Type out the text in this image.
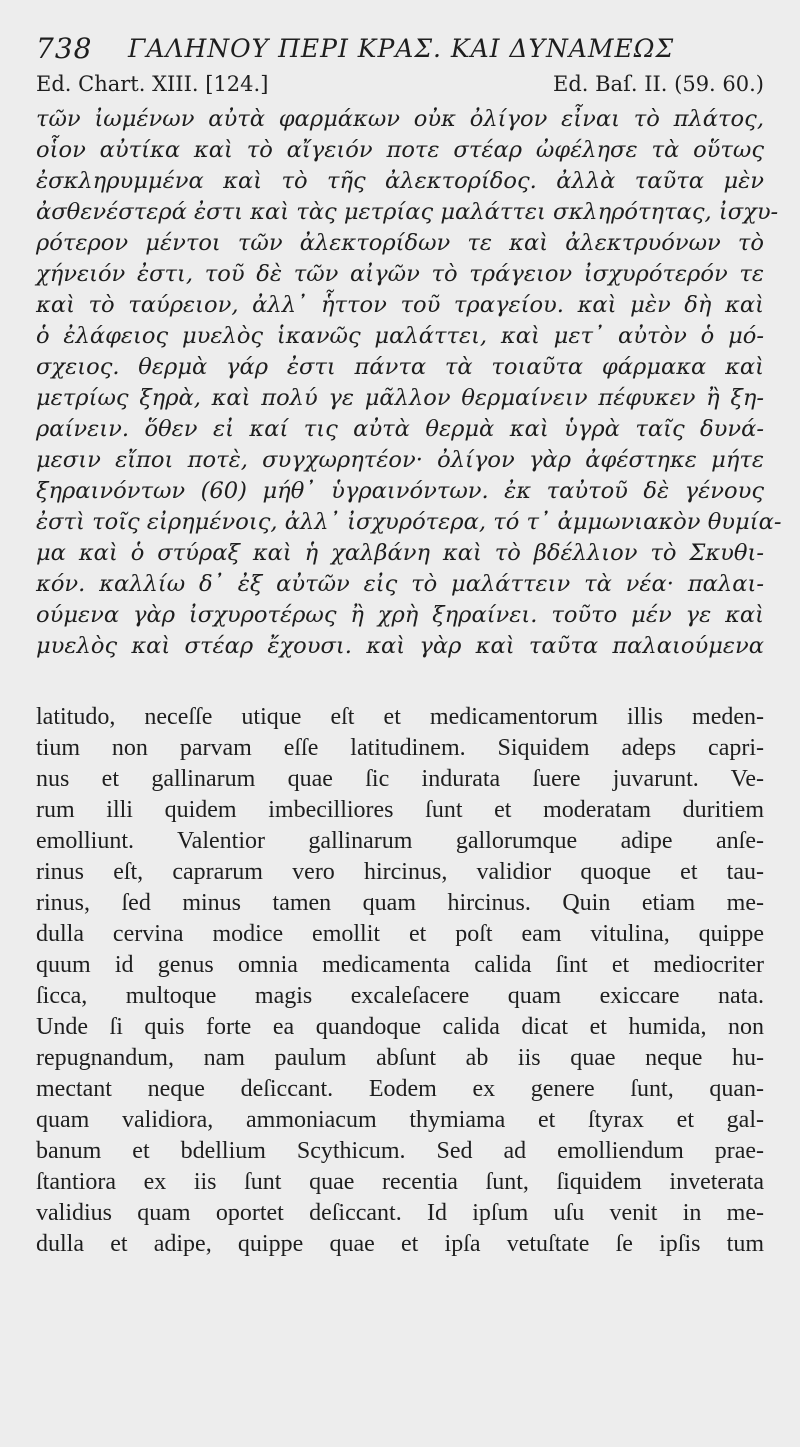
738 ΓΑΛΗΝΟΥ ΠΕΡΙ ΚΡΑΣ. ΚΑΙ ΔΥΝΑΜΕΩΣ
Ed. Chart. XIII. [124.]	Ed. Baſ. II. (59. 60.)
τῶν ἰωμένων αὐτὰ φαρμάκων οὐκ ὀλίγον εἶναι τὸ πλάτος,
οἷον αὐτίκα καὶ τὸ αἴγειόν ποτε στέαρ ὠφέλησε τὰ οὕτως
ἐσκληρυμμένα καὶ τὸ τῆς ἀλεκτορίδος. ἀλλὰ ταῦτα μὲν
ἀσθενέστερά ἐστι καὶ τὰς μετρίας μαλάττει σκληρότητας, ἰσχυ-
ρότερον μέντοι τῶν ἀλεκτορίδων τε καὶ ἀλεκτρυόνων τὸ
χήνειόν ἐστι, τοῦ δὲ τῶν αἰγῶν τὸ τράγειον ἰσχυρότερόν τε
καὶ τὸ ταύρειον, ἀλλ᾽ ἧττον τοῦ τραγείου. καὶ μὲν δὴ καὶ
ὁ ἐλάφειος μυελὸς ἱκανῶς μαλάττει, καὶ μετ᾽ αὐτὸν ὁ μό-
σχειος. θερμὰ γάρ ἐστι πάντα τὰ τοιαῦτα φάρμακα καὶ
μετρίως ξηρὰ, καὶ πολύ γε μᾶλλον θερμαίνειν πέφυκεν ἢ ξη-
ραίνειν. ὅθεν εἰ καί τις αὐτὰ θερμὰ καὶ ὑγρὰ ταῖς δυνά-
μεσιν εἴποι ποτὲ, συγχωρητέον· ὀλίγον γὰρ ἀφέστηκε μήτε
ξηραινόντων (60) μήθ᾽ ὑγραινόντων. ἐκ ταὐτοῦ δὲ γένους
ἐστὶ τοῖς εἰρημένοις, ἀλλ᾽ ἰσχυρότερα, τό τ᾽ ἀμμωνιακὸν θυμία-
μα καὶ ὁ στύραξ καὶ ἡ χαλβάνη καὶ τὸ βδέλλιον τὸ Σκυθι-
κόν. καλλίω δ᾽ ἐξ αὐτῶν εἰς τὸ μαλάττειν τὰ νέα· παλαι-
ούμενα γὰρ ἰσχυροτέρως ἢ χρὴ ξηραίνει. τοῦτο μέν γε καὶ
μυελὸς καὶ στέαρ ἔχουσι. καὶ γὰρ καὶ ταῦτα παλαιούμενα
latitudo, neceſſe utique eſt et medicamentorum illis meden-
tium non parvam eſſe latitudinem. Siquidem adeps capri-
nus et gallinarum quae ſic indurata ſuere juvarunt. Ve-
rum illi quidem imbecilliores ſunt et moderatam duritiem
emolliunt. Valentior gallinarum gallorumque adipe anſe-
rinus eſt, caprarum vero hircinus, validior quoque et tau-
rinus, ſed minus tamen quam hircinus. Quin etiam me-
dulla cervina modice emollit et poſt eam vitulina, quippe
quum id genus omnia medicamenta calida ſint et mediocriter
ſicca, multoque magis excaleſacere quam exiccare nata.
Unde ſi quis forte ea quandoque calida dicat et humida, non
repugnandum, nam paulum abſunt ab iis quae neque hu-
mectant neque deſiccant. Eodem ex genere ſunt, quan-
quam validiora, ammoniacum thymiama et ſtyrax et gal-
banum et bdellium Scythicum. Sed ad emolliendum prae-
ſtantiora ex iis ſunt quae recentia ſunt, ſiquidem inveterata
validius quam oportet deſiccant. Id ipſum uſu venit in me-
dulla et adipe, quippe quae et ipſa vetuſtate ſe ipſis tum
